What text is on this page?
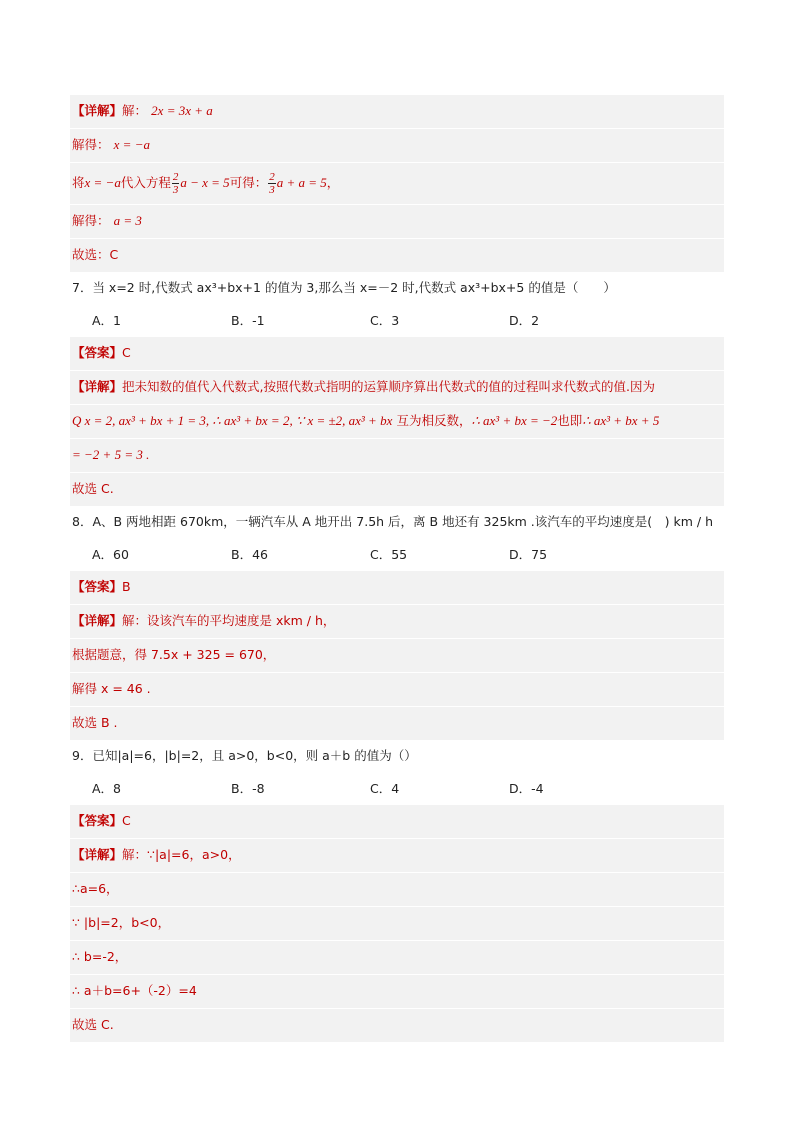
【详解】解： 2x = 3x + a
解得： x = −a
将x = −a代入方程 $\frac{2}{3}$ a − x = 5可得： $\frac{2}{3}$ a + a = 5，
解得： a = 3
故选：C
7．当 x=2 时,代数式 ax³+bx+1 的值为 3,那么当 x=－2 时,代数式 ax³+bx+5 的值是（　　）
A．1	B．-1	C．3	D．2
【答案】C
【详解】把未知数的值代入代数式,按照代数式指明的运算顺序算出代数式的值的过程叫求代数式的值.因为
Q x = 2, ax³ + bx + 1 = 3, ∴ ax³ + bx = 2, ∵ x = ±2, ax³ + bx 互为相反数，∴ ax³ + bx = −2也即∴ ax³ + bx + 5
= −2 + 5 = 3 .
故选 C.
8．A、B 两地相距 670km，一辆汽车从 A 地开出 7.5h 后，离 B 地还有 325km .该汽车的平均速度是(　) km / h
A．60	B．46	C．55	D．75
【答案】B
【详解】解：设该汽车的平均速度是 xkm / h，
根据题意，得 7.5x + 325 = 670，
解得 x = 46 .
故选 B .
9．已知|a|=6，|b|=2，且 a>0，b<0，则 a＋b 的值为（）
A．8	B．-8	C．4	D．-4
【答案】C
【详解】解：∵|a|=6，a>0，
∴a=6，
∵ |b|=2，b<0，
∴ b=-2，
∴ a＋b=6+（-2）=4
故选 C.
